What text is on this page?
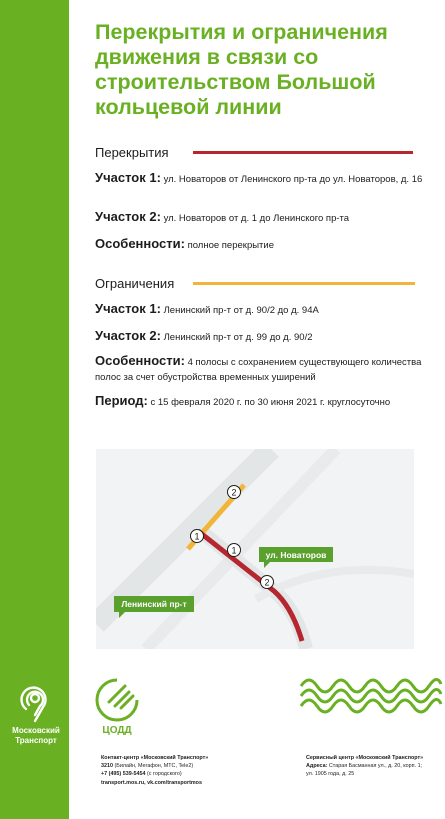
Московский
Транспорт
Перекрытия и ограничения движения в связи со строительством Большой кольцевой линии
Перекрытия
Участок 1: ул. Новаторов от Ленинского пр-та до ул. Новаторов, д. 16
Участок 2: ул. Новаторов от д. 1 до Ленинского пр-та
Особенности: полное перекрытие
Ограничения
Участок 1: Ленинский пр-т от д. 90/2 до д. 94А
Участок 2: Ленинский пр-т от д. 99 до д. 90/2
Особенности: 4 полосы с сохранением существующего количества полос за счет обустройства временных уширений
Период: с 15 февраля 2020 г. по 30 июня 2021 г. круглосуточно
2
1
1
2
ул. Новаторов
Ленинский пр-т
ЦОДД
Контакт-центр «Московский Транспорт»
3210 (Билайн, Мегафон, МТС, Tele2)
+7 (495) 539-5454 (с городского)
transport.mos.ru, vk.com/transportmos
Сервисный центр «Московский Транспорт»
Адреса: Старая Басманная ул., д. 20, корп. 1;
ул. 1905 года, д. 25
